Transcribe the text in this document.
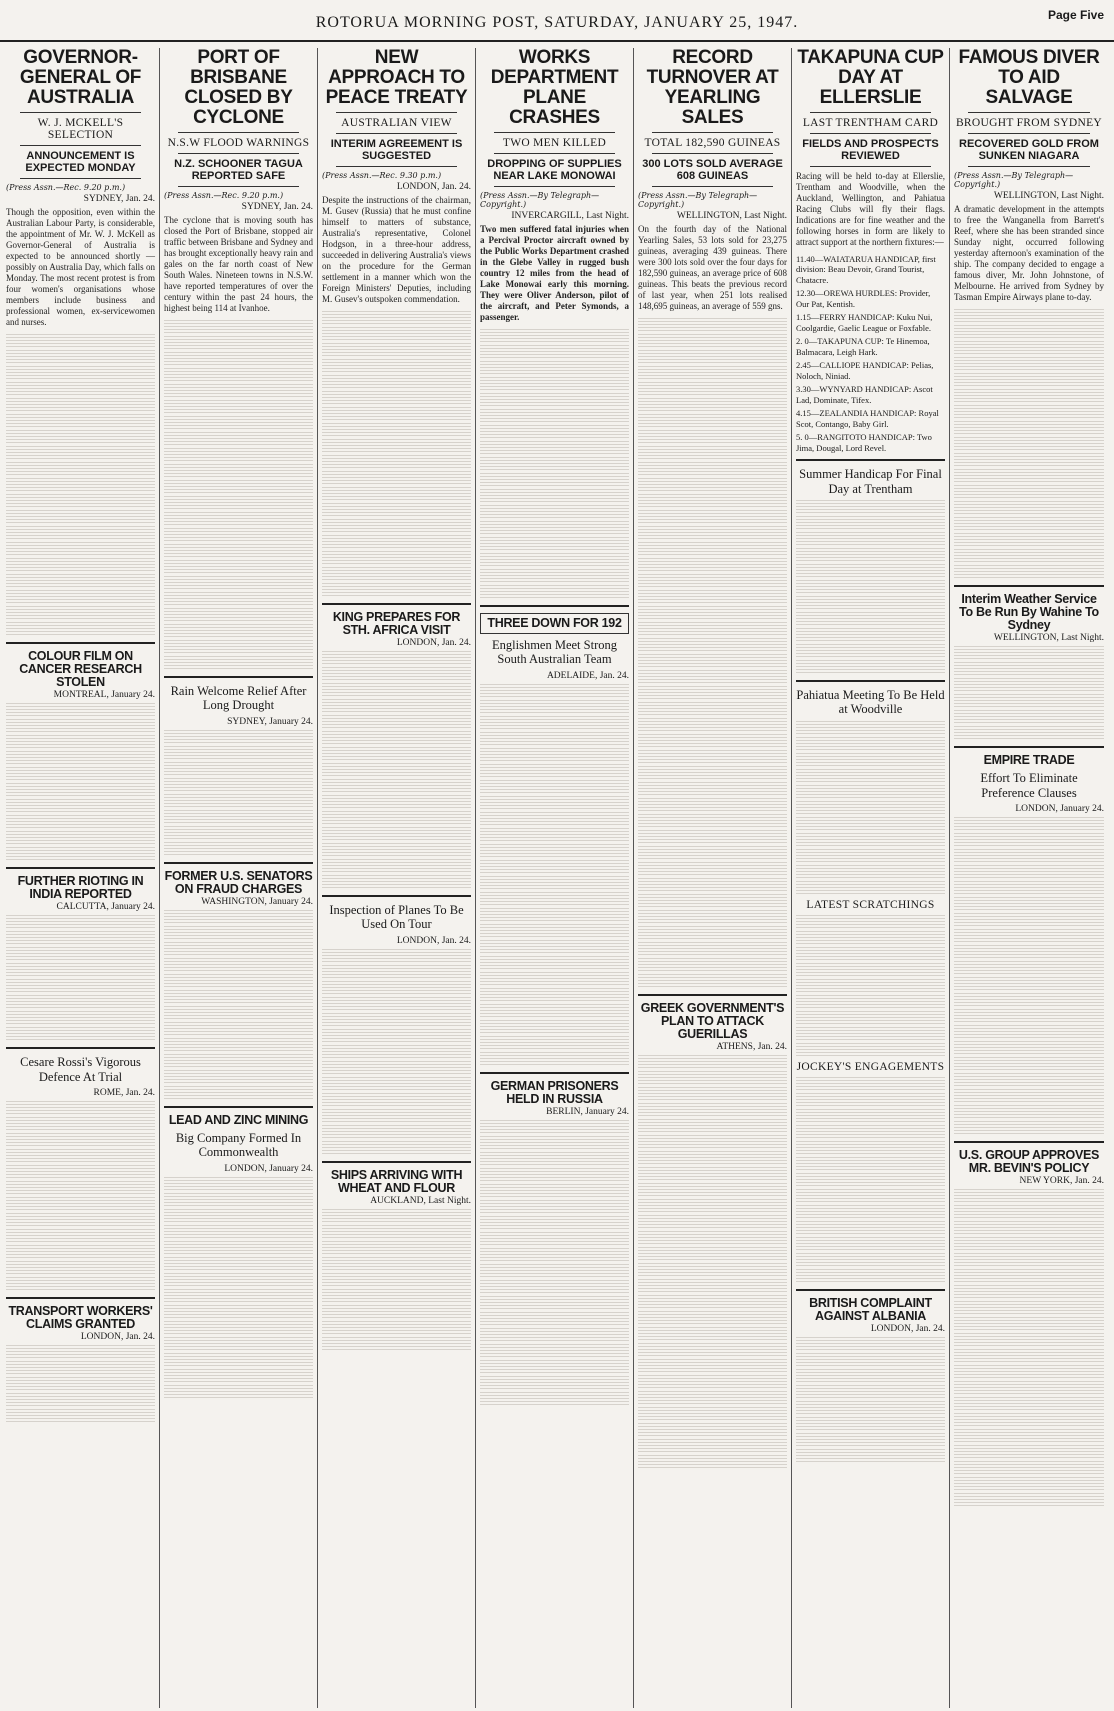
ROTORUA MORNING POST, SATURDAY, JANUARY 25, 1947.	Page Five
GOVERNOR-GENERAL OF AUSTRALIA
W. J. MCKELL'S SELECTION
ANNOUNCEMENT IS EXPECTED MONDAY
(Press Assn.—Rec. 9.20 p.m.)
SYDNEY, Jan. 24.

Though the opposition, even within the Australian Labour Party, is considerable, the appointment of Mr. W. J. McKell as Governor-General of Australia is expected to be announced shortly — possibly on Australia Day, which falls on Monday. The most recent protest is from four women's organisations whose members include business and professional women, ex-servicewomen and nurses.

COLOUR FILM ON CANCER RESEARCH STOLEN
MONTREAL, January 24.
FURTHER RIOTING IN INDIA REPORTED
CALCUTTA, January 24.
Cesare Rossi's Vigorous Defence At Trial
ROME, Jan. 24.
TRANSPORT WORKERS' CLAIMS GRANTED
LONDON, Jan. 24.
PORT OF BRISBANE CLOSED BY CYCLONE
N.S.W FLOOD WARNINGS
N.Z. SCHOONER TAGUA REPORTED SAFE
(Press Assn.—Rec. 9.20 p.m.)
SYDNEY, Jan. 24.

The cyclone that is moving south has closed the Port of Brisbane, stopped air traffic between Brisbane and Sydney and has brought exceptionally heavy rain and gales on the far north coast of New South Wales. Nineteen towns in N.S.W. have reported temperatures of over the century within the past 24 hours, the highest being 114 at Ivanhoe.

Rain Welcome Relief After Long Drought
SYDNEY, January 24.
FORMER U.S. SENATORS ON FRAUD CHARGES
WASHINGTON, January 24.
LEAD AND ZINC MINING
Big Company Formed In Commonwealth
LONDON, January 24.
NEW APPROACH TO PEACE TREATY
AUSTRALIAN VIEW
INTERIM AGREEMENT IS SUGGESTED
(Press Assn.—Rec. 9.30 p.m.)
LONDON, Jan. 24.

Despite the instructions of the chairman, M. Gusev (Russia) that he must confine himself to matters of substance, Australia's representative, Colonel Hodgson, in a three-hour address, succeeded in delivering Australia's views on the procedure for the German settlement in a manner which won the Foreign Ministers' Deputies, including M. Gusev's outspoken commendation.

KING PREPARES FOR STH. AFRICA VISIT
LONDON, Jan. 24.
Inspection of Planes To Be Used On Tour
LONDON, Jan. 24.
SHIPS ARRIVING WITH WHEAT AND FLOUR
AUCKLAND, Last Night.
WORKS DEPARTMENT PLANE CRASHES
TWO MEN KILLED
DROPPING OF SUPPLIES NEAR LAKE MONOWAI
(Press Assn.—By Telegraph—Copyright.)
INVERCARGILL, Last Night.

Two men suffered fatal injuries when a Percival Proctor aircraft owned by the Public Works Department crashed in the Glebe Valley in rugged bush country 12 miles from the head of Lake Monowai early this morning. They were Oliver Anderson, pilot of the aircraft, and Peter Symonds, a passenger.

THREE DOWN FOR 192
Englishmen Meet Strong South Australian Team
ADELAIDE, Jan. 24.
GERMAN PRISONERS HELD IN RUSSIA
BERLIN, January 24.
RECORD TURNOVER AT YEARLING SALES
TOTAL 182,590 GUINEAS
300 LOTS SOLD AVERAGE 608 GUINEAS
(Press Assn.—By Telegraph—Copyright.)
WELLINGTON, Last Night.

On the fourth day of the National Yearling Sales, 53 lots sold for 23,275 guineas, averaging 439 guineas. There were 300 lots sold over the four days for 182,590 guineas, an average price of 608 guineas. This beats the previous record of last year, when 251 lots realised 148,695 guineas, an average of 559 gns.

GREEK GOVERNMENT'S PLAN TO ATTACK GUERILLAS
ATHENS, Jan. 24.
TAKAPUNA CUP DAY AT ELLERSLIE
LAST TRENTHAM CARD
FIELDS AND PROSPECTS REVIEWED

Racing will be held to-day at Ellerslie, Trentham and Woodville, when the Auckland, Wellington, and Pahiatua Racing Clubs will fly their flags. Indications are for fine weather and the following horses in form are likely to attract support at the northern fixtures:—

11.40—WAIATARUA HANDICAP, first division: Beau Devoir, Grand Tourist, Chatacre.
12.30—OREWA HURDLES: Provider, Our Pat, Kentish.
1.15—FERRY HANDICAP: Kuku Nui, Coolgardie, Gaelic League or Foxfable.
2. 0—TAKAPUNA CUP: Te Hinemoa, Balmacara, Leigh Hark.
2.45—CALLIOPE HANDICAP: Pelias, Noloch, Niniad.
3.30—WYNYARD HANDICAP: Ascot Lad, Dominate, Tifex.
4.15—ZEALANDIA HANDICAP: Royal Scot, Contango, Baby Girl.
5. 0—RANGITOTO HANDICAP: Two Jima, Dougal, Lord Revel.
Summer Handicap For Final Day at Trentham
Pahiatua Meeting To Be Held at Woodville
LATEST SCRATCHINGS
JOCKEY'S ENGAGEMENTS
BRITISH COMPLAINT AGAINST ALBANIA
LONDON, Jan. 24.
FAMOUS DIVER TO AID SALVAGE
BROUGHT FROM SYDNEY
RECOVERED GOLD FROM SUNKEN NIAGARA
(Press Assn.—By Telegraph—Copyright.)
WELLINGTON, Last Night.

A dramatic development in the attempts to free the Wanganella from Barrett's Reef, where she has been stranded since Sunday night, occurred following yesterday afternoon's examination of the ship. The company decided to engage a famous diver, Mr. John Johnstone, of Melbourne. He arrived from Sydney by Tasman Empire Airways plane to-day.

Interim Weather Service To Be Run By Wahine To Sydney
WELLINGTON, Last Night.
EMPIRE TRADE
Effort To Eliminate Preference Clauses
LONDON, January 24.
U.S. GROUP APPROVES MR. BEVIN'S POLICY
NEW YORK, Jan. 24.
